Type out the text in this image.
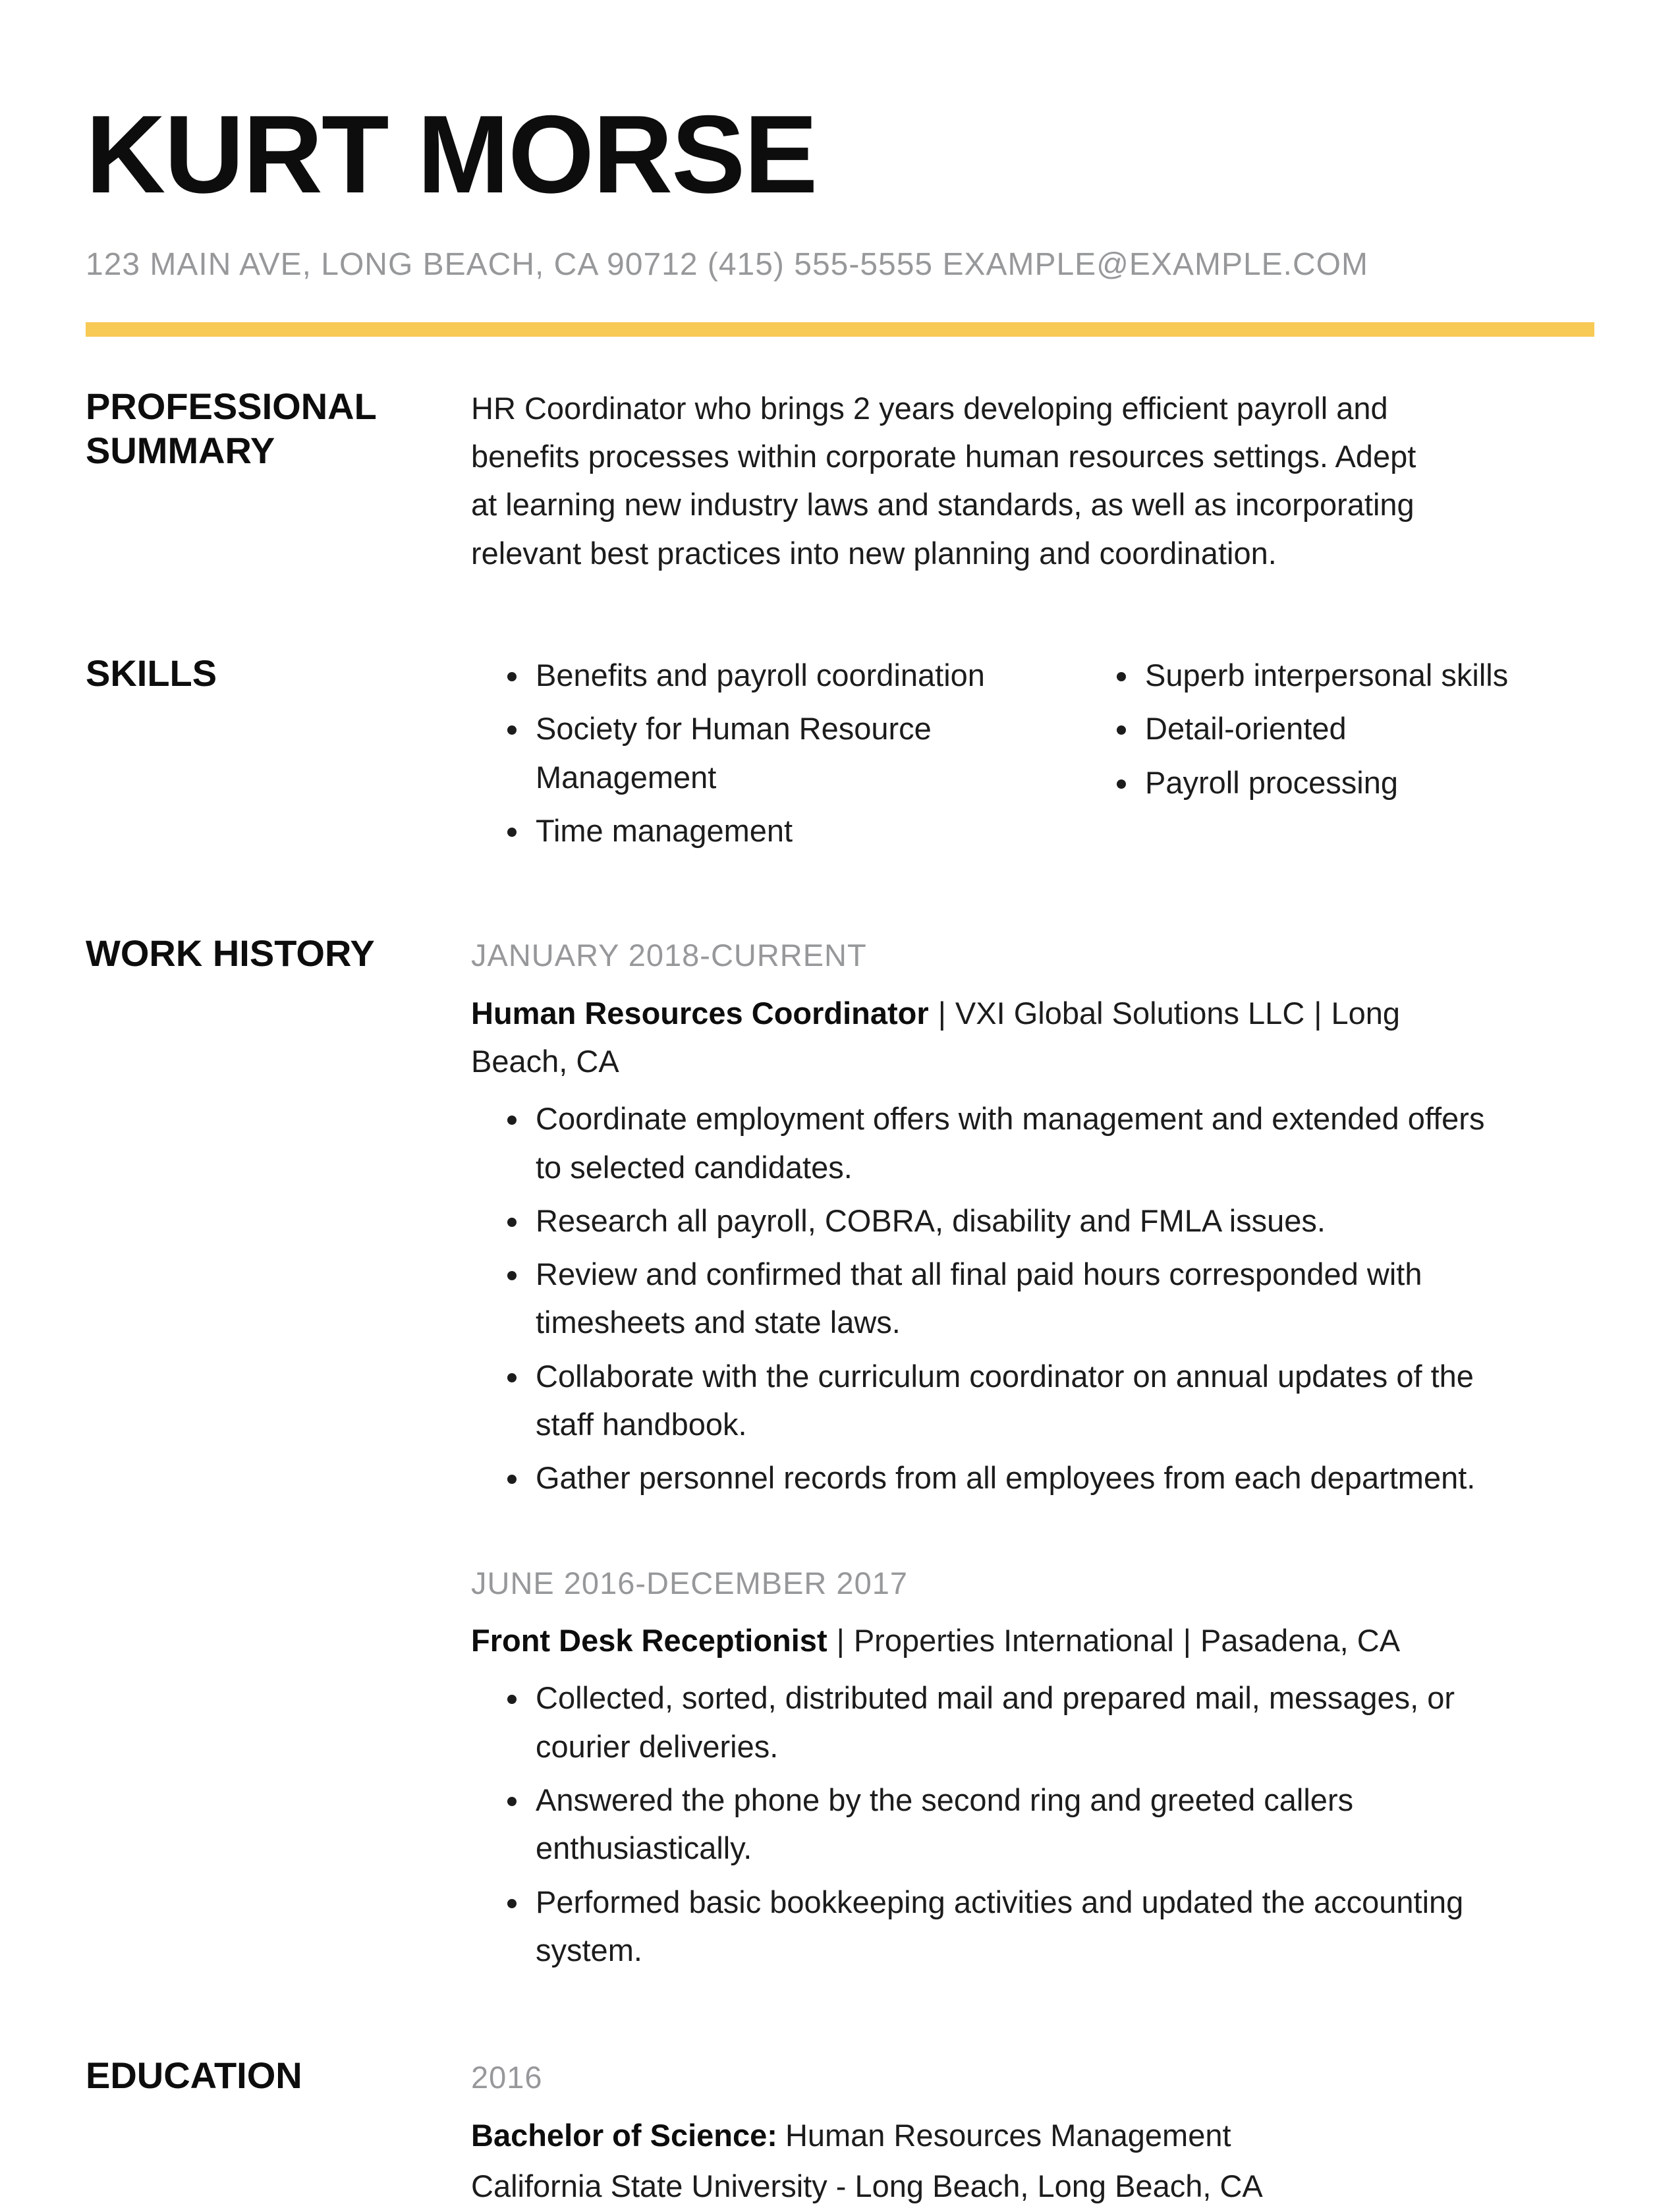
KURT MORSE
123 MAIN AVE, LONG BEACH, CA 90712 (415) 555-5555 EXAMPLE@EXAMPLE.COM
PROFESSIONAL SUMMARY

HR Coordinator who brings 2 years developing efficient payroll and benefits processes within corporate human resources settings. Adept at learning new industry laws and standards, as well as incorporating relevant best practices into new planning and coordination.

SKILLS	• Benefits and payroll coordination
• Society for Human Resource Management
• Time management
• Superb interpersonal skills
• Detail-oriented
• Payroll processing
WORK HISTORY	JANUARY 2018-CURRENT
Human Resources Coordinator | VXI Global Solutions LLC | Long Beach, CA
• Coordinate employment offers with management and extended offers to selected candidates.
• Research all payroll, COBRA, disability and FMLA issues.
• Review and confirmed that all final paid hours corresponded with timesheets and state laws.
• Collaborate with the curriculum coordinator on annual updates of the staff handbook.
• Gather personnel records from all employees from each department.
JUNE 2016-DECEMBER 2017
Front Desk Receptionist | Properties International | Pasadena, CA
• Collected, sorted, distributed mail and prepared mail, messages, or courier deliveries.
• Answered the phone by the second ring and greeted callers enthusiastically.
• Performed basic bookkeeping activities and updated the accounting system.
EDUCATION	2016
Bachelor of Science: Human Resources Management
California State University - Long Beach, Long Beach, CA
